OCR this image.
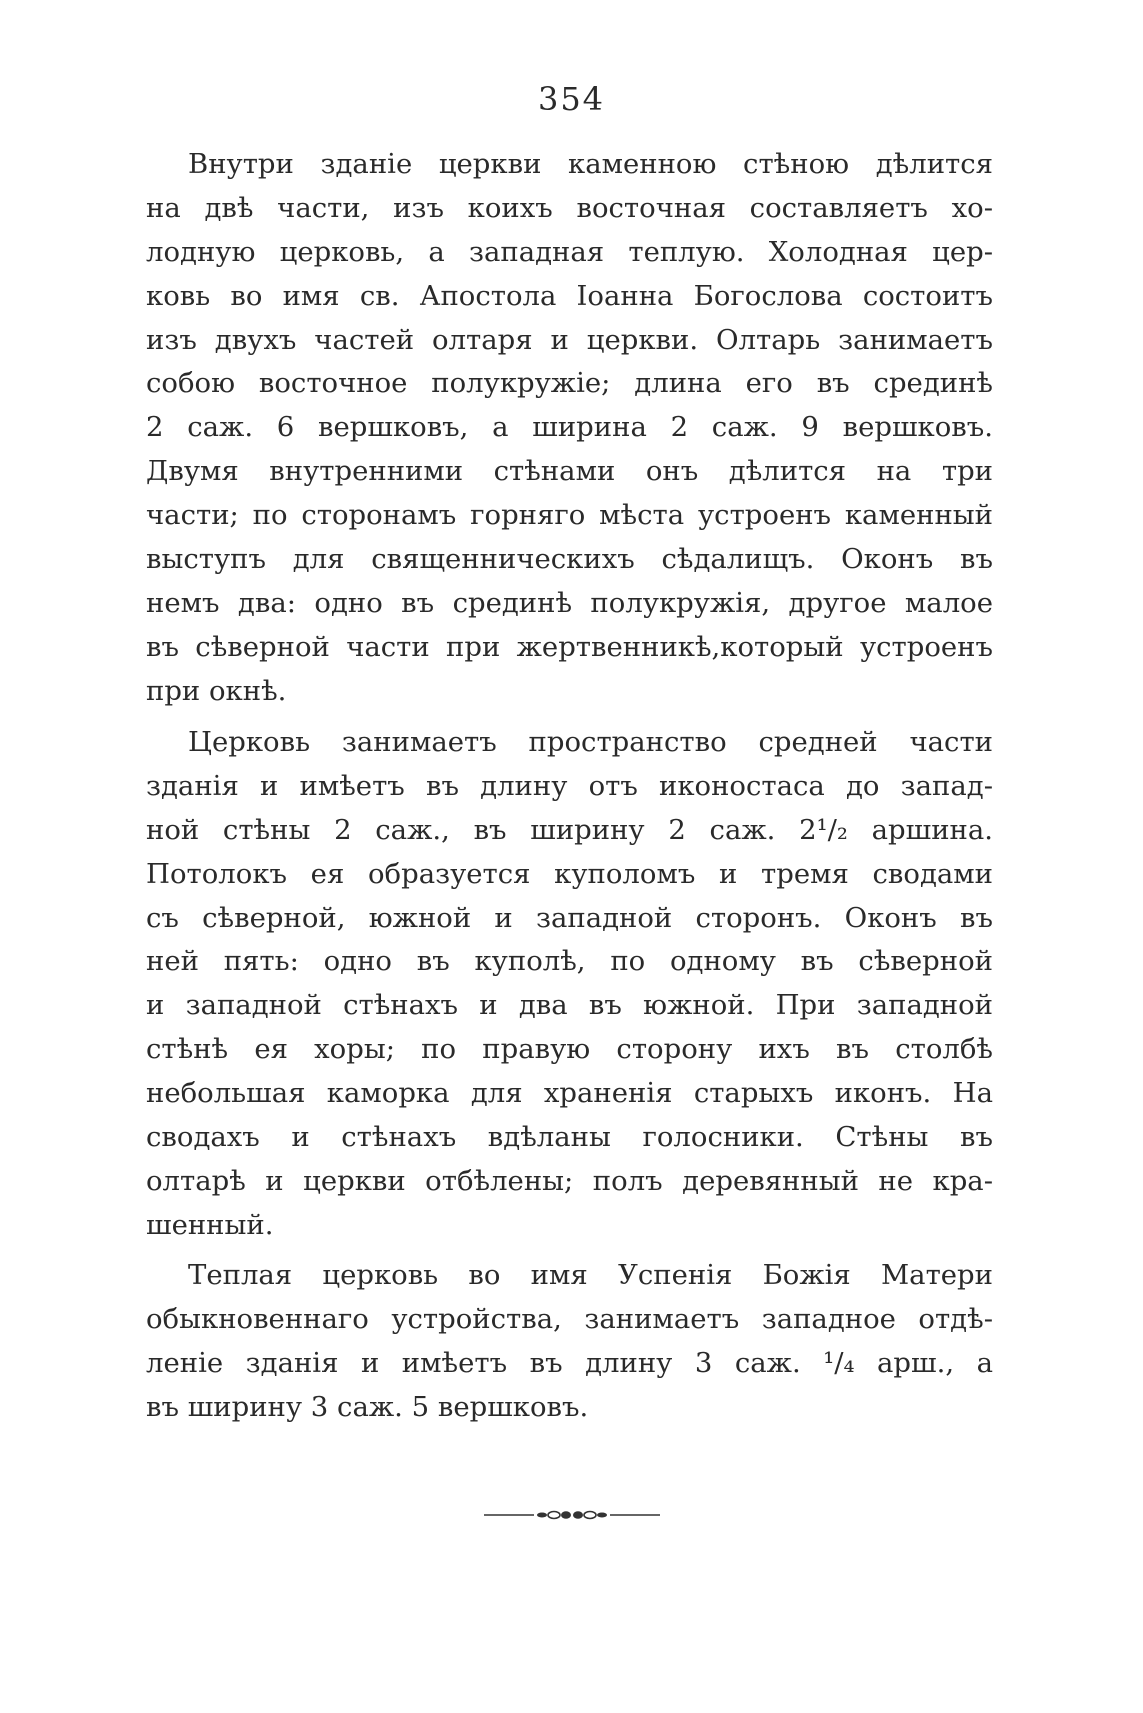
354
Внутри зданіе церкви каменною стѣною дѣлится
на двѣ части, изъ коихъ восточная составляетъ хо-
лодную церковь, а западная теплую. Холодная цер-
ковь во имя св. Апостола Іоанна Богослова состоитъ
изъ двухъ частей олтаря и церкви. Олтарь занимаетъ
собою восточное полукружіе; длина его въ срединѣ
2 саж. 6 вершковъ, а ширина 2 саж. 9 вершковъ.
Двумя внутренними стѣнами онъ дѣлится на три
части; по сторонамъ горняго мѣста устроенъ каменный
выступъ для священническихъ сѣдалищъ. Оконъ въ
немъ два: одно въ срединѣ полукружія, другое малое
въ сѣверной части при жертвенникѣ,который устроенъ
при окнѣ.
Церковь занимаетъ пространство средней части
зданія и имѣетъ въ длину отъ иконостаса до запад-
ной стѣны 2 саж., въ ширину 2 саж. 2¹/₂ аршина.
Потолокъ ея образуется куполомъ и тремя сводами
съ сѣверной, южной и западной сторонъ. Оконъ въ
ней пять: одно въ куполѣ, по одному въ сѣверной
и западной стѣнахъ и два въ южной. При западной
стѣнѣ ея хоры; по правую сторону ихъ въ столбѣ
небольшая каморка для храненія старыхъ иконъ. На
сводахъ и стѣнахъ вдѣланы голосники. Стѣны въ
олтарѣ и церкви отбѣлены; полъ деревянный не кра-
шенный.
Теплая церковь во имя Успенія Божія Матери
обыкновеннаго устройства, занимаетъ западное отдѣ-
леніе зданія и имѣетъ въ длину 3 саж. ¹/₄ арш., а
въ ширину 3 саж. 5 вершковъ.
